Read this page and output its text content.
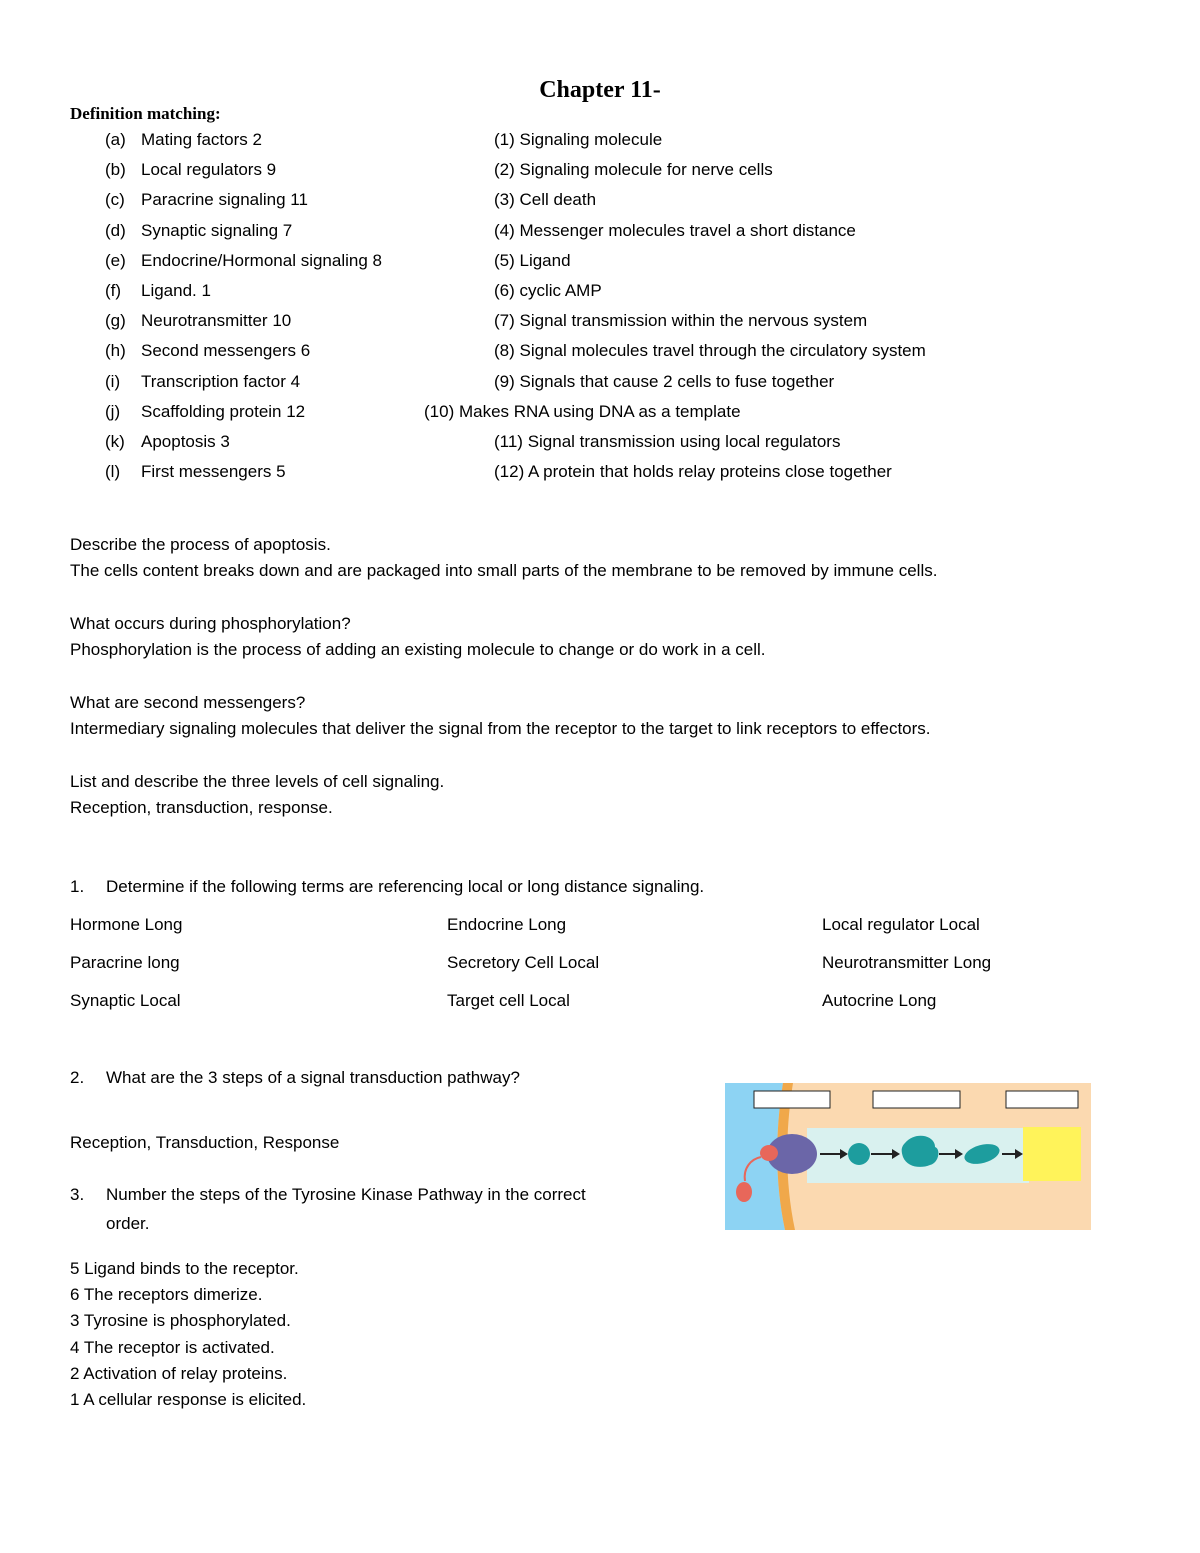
Chapter 11-
Definition matching:
(a) Mating factors 2	(1) Signaling molecule
(b) Local regulators 9	(2) Signaling molecule for nerve cells
(c) Paracrine signaling 11	(3) Cell death
(d) Synaptic signaling 7	(4) Messenger molecules travel a short distance
(e) Endocrine/Hormonal signaling 8	(5) Ligand
(f) Ligand. 1	(6) cyclic AMP
(g) Neurotransmitter 10	(7) Signal transmission within the nervous system
(h) Second messengers 6	(8) Signal molecules travel through the circulatory system
(i) Transcription factor 4	(9) Signals that cause 2 cells to fuse together
(j) Scaffolding protein 12	(10) Makes RNA using DNA as a template
(k) Apoptosis 3	(11) Signal transmission using local regulators
(l) First messengers 5	(12) A protein that holds relay proteins close together
Describe the process of apoptosis.
The cells content breaks down and are packaged into small parts of the membrane to be removed by immune cells.
What occurs during phosphorylation?
Phosphorylation is the process of adding an existing molecule to change or do work in a cell.
What are second messengers?
Intermediary signaling molecules that deliver the signal from the receptor to the target to link receptors to effectors.
List and describe the three levels of cell signaling.
Reception, transduction, response.
1. Determine if the following terms are referencing local or long distance signaling.
Hormone Long	Endocrine Long	Local regulator Local
Paracrine long	Secretory Cell Local	Neurotransmitter Long
Synaptic Local	Target cell Local	Autocrine Long
2. What are the 3 steps of a signal transduction pathway?
Reception, Transduction, Response
3. Number the steps of the Tyrosine Kinase Pathway in the correct
order.
5 Ligand binds to the receptor.
6 The receptors dimerize.
3 Tyrosine is phosphorylated.
4 The receptor is activated.
2 Activation of relay proteins.
1 A cellular response is elicited.
